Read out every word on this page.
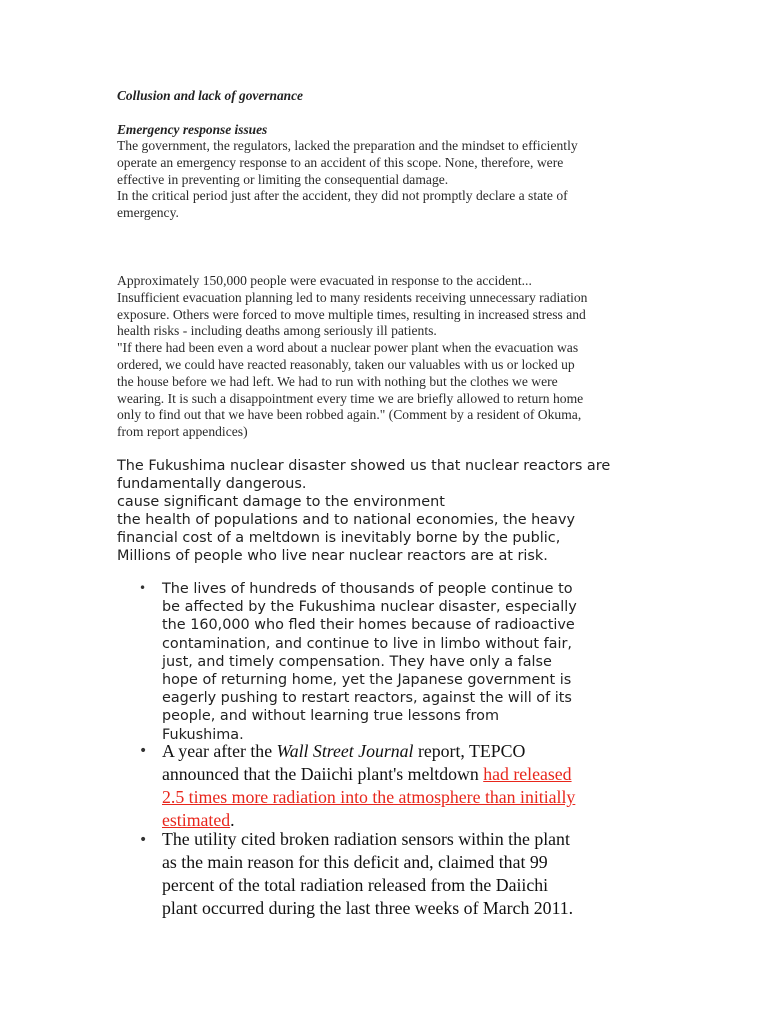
Collusion and lack of governance
Emergency response issues
The government, the regulators, lacked the preparation and the mindset to efficiently
operate an emergency response to an accident of this scope. None, therefore, were
effective in preventing or limiting the consequential damage.
In the critical period just after the accident, they did not promptly declare a state of
emergency.
Approximately 150,000 people were evacuated in response to the accident...
Insufficient evacuation planning led to many residents receiving unnecessary radiation
exposure. Others were forced to move multiple times, resulting in increased stress and
health risks - including deaths among seriously ill patients.
"If there had been even a word about a nuclear power plant when the evacuation was
ordered, we could have reacted reasonably, taken our valuables with us or locked up
the house before we had left. We had to run with nothing but the clothes we were
wearing. It is such a disappointment every time we are briefly allowed to return home
only to find out that we have been robbed again." (Comment by a resident of Okuma,
from report appendices)
The Fukushima nuclear disaster showed us that nuclear reactors are
fundamentally dangerous.
cause significant damage to the environment
the health of populations and to national economies, the heavy
financial cost of a meltdown is inevitably borne by the public,
Millions of people who live near nuclear reactors are at risk.
• The lives of hundreds of thousands of people continue to
be affected by the Fukushima nuclear disaster, especially
the 160,000 who fled their homes because of radioactive
contamination, and continue to live in limbo without fair,
just, and timely compensation. They have only a false
hope of returning home, yet the Japanese government is
eagerly pushing to restart reactors, against the will of its
people, and without learning true lessons from
Fukushima.
• A year after the Wall Street Journal report, TEPCO
announced that the Daiichi plant's meltdown had released
2.5 times more radiation into the atmosphere than initially
estimated.
• The utility cited broken radiation sensors within the plant
as the main reason for this deficit and, claimed that 99
percent of the total radiation released from the Daiichi
plant occurred during the last three weeks of March 2011.
